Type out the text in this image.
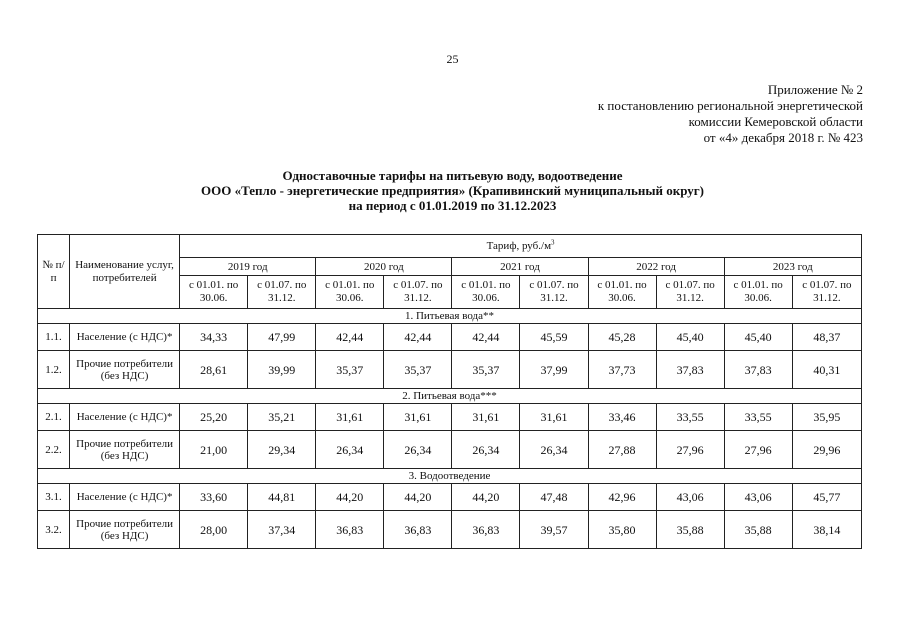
25
Приложение № 2
к постановлению региональной энергетической
комиссии Кемеровской области
от «4» декабря 2018 г. № 423
Одноставочные тарифы на питьевую воду, водоотведение
ООО «Тепло - энергетические предприятия» (Крапивинский муниципальный округ)
на период с 01.01.2019 по 31.12.2023
№ п/п	Наименование услуг, потребителей	Тариф, $руб./м^3$
		2019 год		2020 год		2021 год		2022 год		2023 год	
		с 01.01. по 30.06.	с 01.07. по 31.12.	с 01.01. по 30.06.	с 01.07. по 31.12.	с 01.01. по 30.06.	с 01.07. по 31.12.	с 01.01. по 30.06.	с 01.07. по 31.12.	с 01.01. по 30.06.	с 01.07. по 31.12.
1. Питьевая вода**											
1.1.	Население (с НДС)*	34,33	47,99	42,44	42,44	42,44	45,59	45,28	45,40	45,40	48,37
1.2.	Прочие потребители (без НДС)	28,61	39,99	35,37	35,37	35,37	37,99	37,73	37,83	37,83	40,31
2. Питьевая вода***											
2.1.	Население (с НДС)*	25,20	35,21	31,61	31,61	31,61	31,61	33,46	33,55	33,55	35,95
2.2.	Прочие потребители (без НДС)	21,00	29,34	26,34	26,34	26,34	26,34	27,88	27,96	27,96	29,96
3. Водоотведение											
3.1.	Население (с НДС)*	33,60	44,81	44,20	44,20	44,20	47,48	42,96	43,06	43,06	45,77
3.2.	Прочие потребители (без НДС)	28,00	37,34	36,83	36,83	36,83	39,57	35,80	35,88	35,88	38,14
